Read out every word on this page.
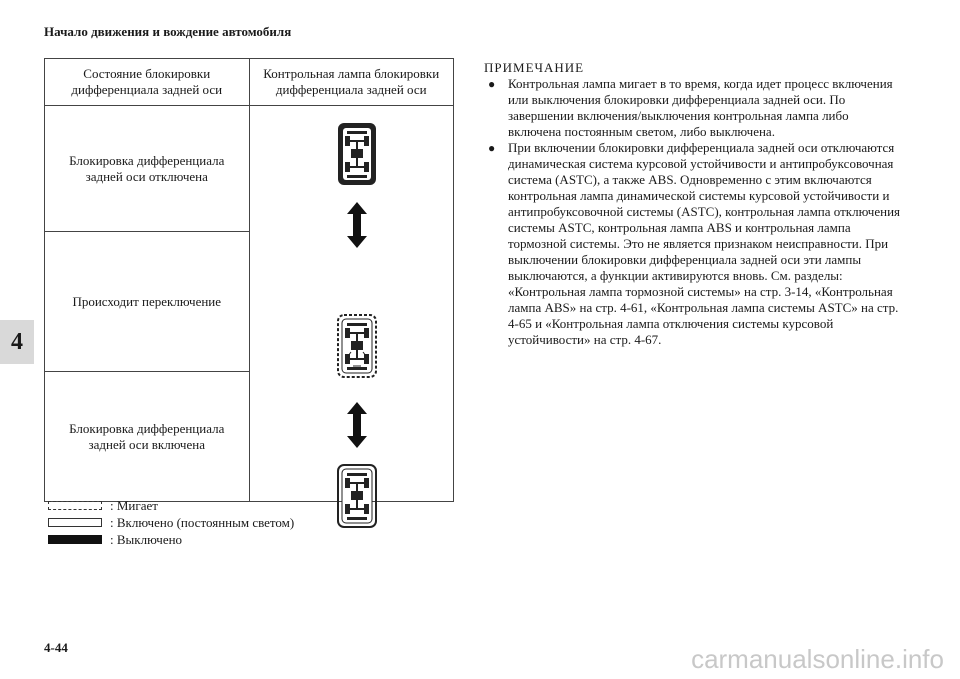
Начало движения и вождение автомобиля
4
Состояние блокировки дифференциала задней оси	Контрольная лампа блокировки дифференциала задней оси
Блокировка дифференциала задней оси отключена	

Происходит переключение	
Блокировка дифференциала задней оси включена	
: Мигает
: Включено (постоянным светом)
: Выключено
ПРИМЕЧАНИЕ
● Контрольная лампа мигает в то время, когда идет процесс включения или выключения блокировки дифференциала задней оси. По завершении включения/выключения контрольная лампа либо включена постоянным светом, либо выключена.
● При включении блокировки дифференциала задней оси отключаются динамическая система курсовой устойчивости и антипробуксовочная система (ASTC), а также ABS. Одновременно с этим включаются контрольная лампа динамической системы курсовой устойчивости и антипробуксовочной системы (ASTC), контрольная лампа отключения системы ASTC, контрольная лампа ABS и контрольная лампа тормозной системы. Это не является признаком неисправности. При выключении блокировки дифференциала задней оси эти лампы выключаются, а функции активируются вновь. См. разделы: «Контрольная лампа тормозной системы» на стр. 3-14, «Контрольная лампа ABS» на стр. 4-61, «Контрольная лампа системы ASTC» на стр. 4-65 и «Контрольная лампа отключения системы курсовой устойчивости» на стр. 4-67.
4-44	carmanualsonline.info
